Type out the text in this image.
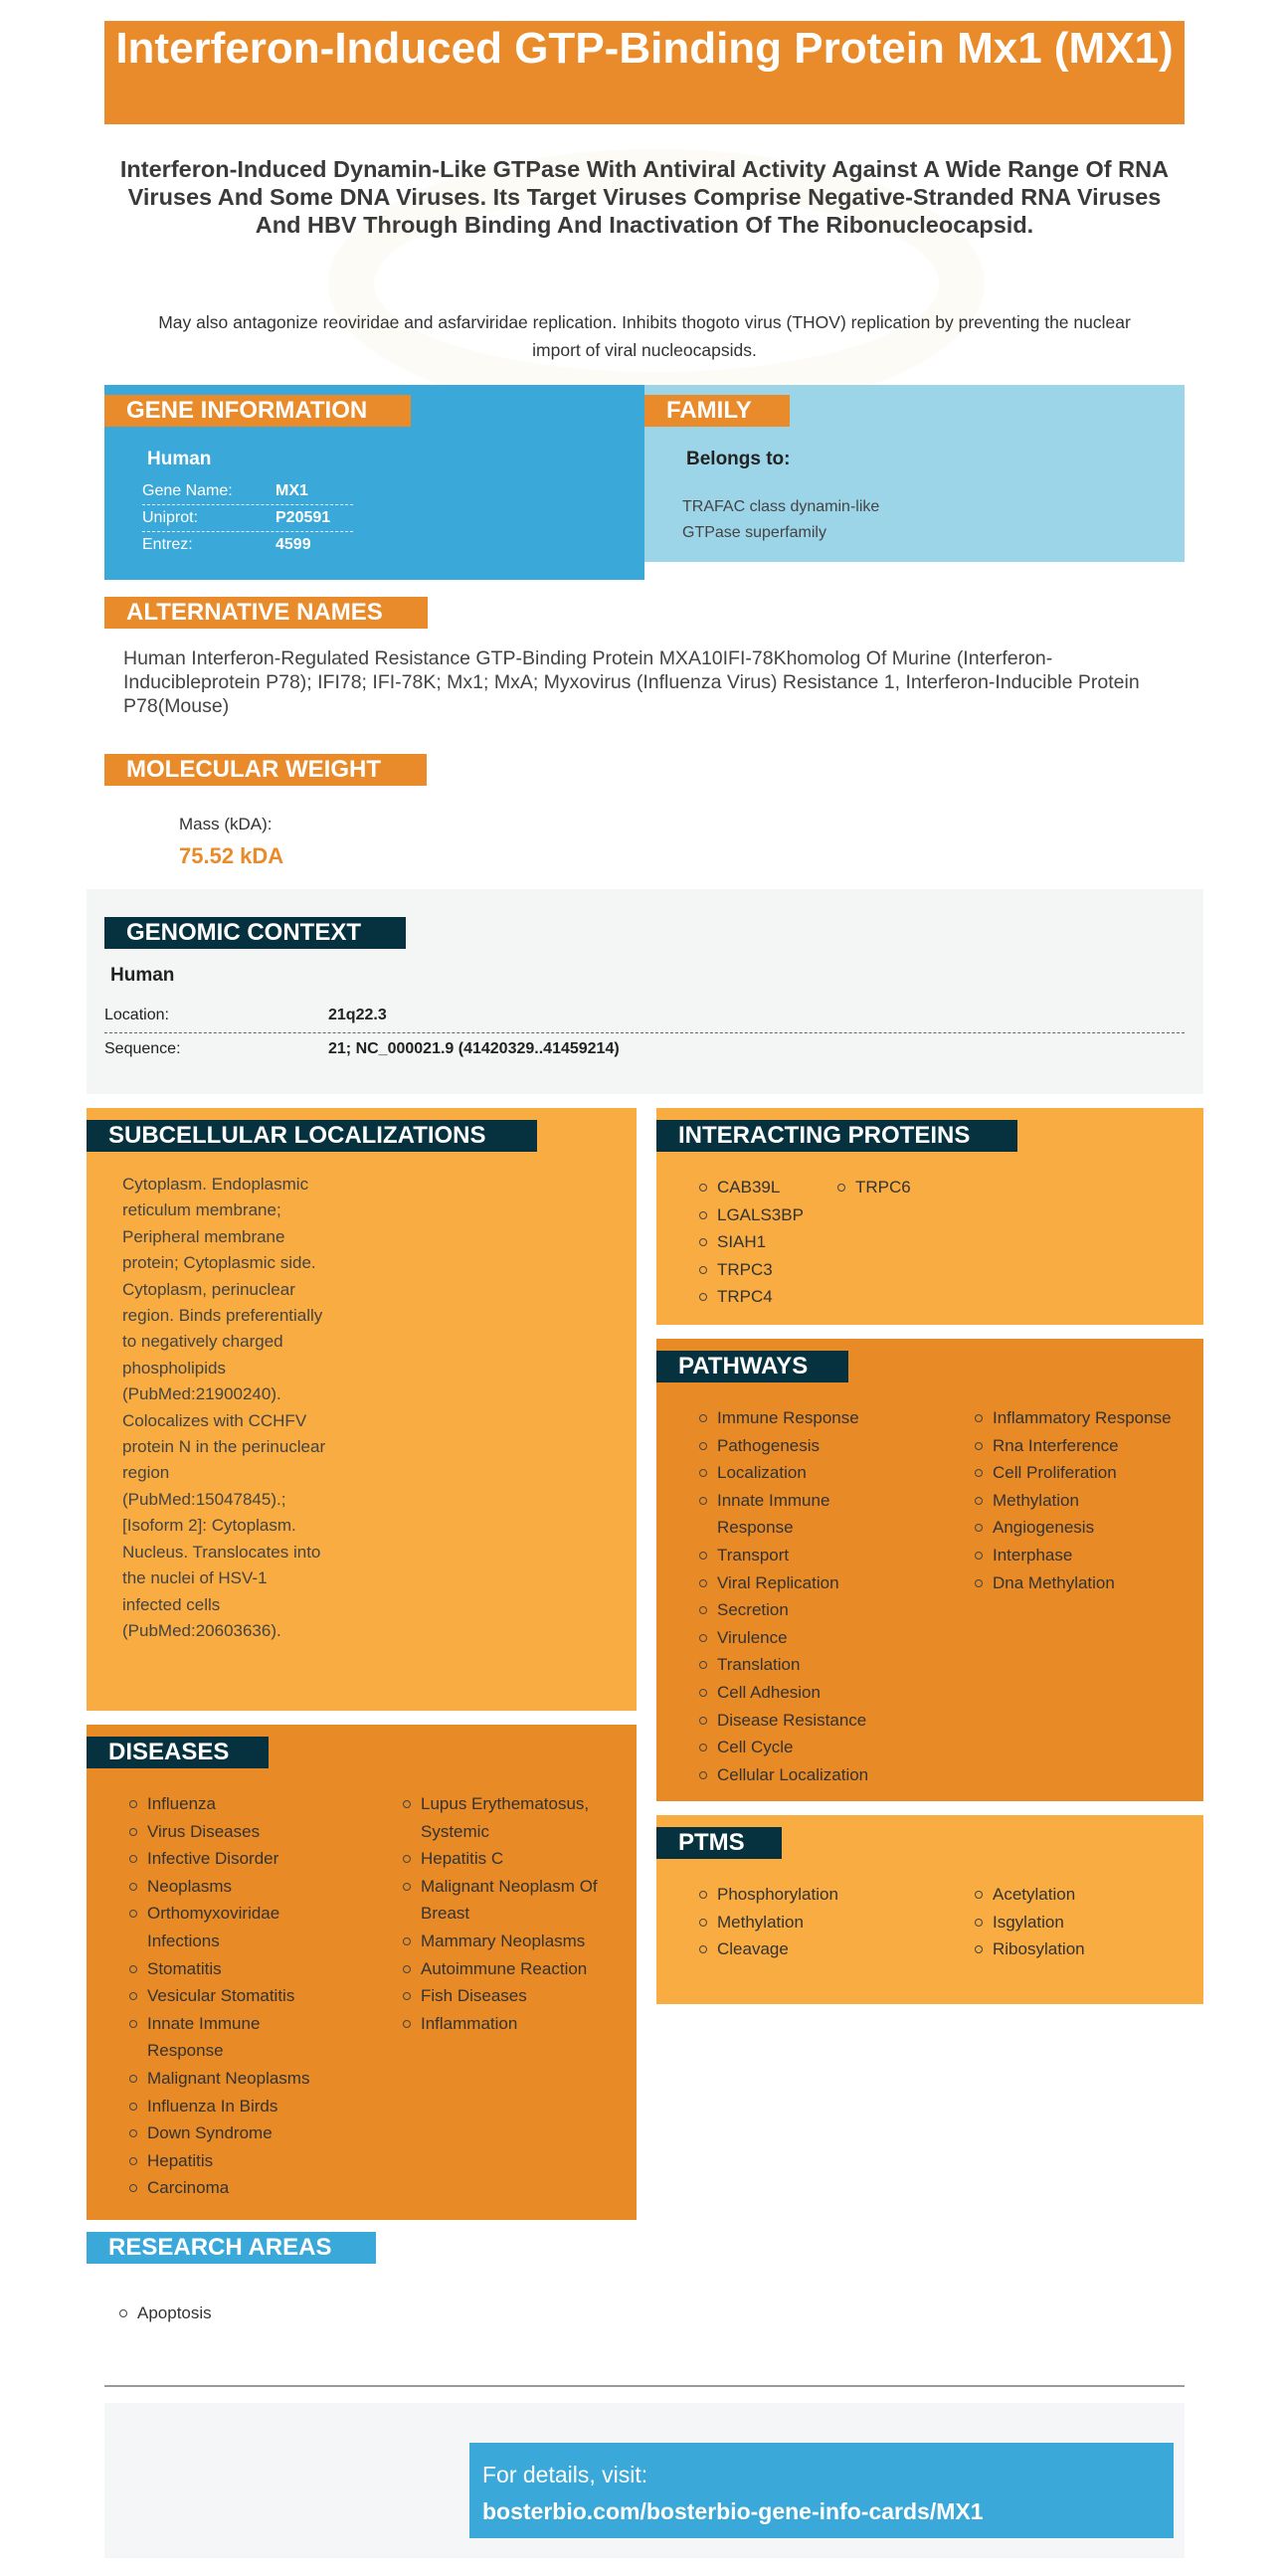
Interferon-Induced GTP-Binding Protein Mx1 (MX1)
Interferon-Induced Dynamin-Like GTPase With Antiviral Activity Against A Wide Range Of RNA Viruses And Some DNA Viruses. Its Target Viruses Comprise Negative-Stranded RNA Viruses And HBV Through Binding And Inactivation Of The Ribonucleocapsid.
May also antagonize reoviridae and asfarviridae replication. Inhibits thogoto virus (THOV) replication by preventing the nuclear import of viral nucleocapsids.
GENE INFORMATION
Human
Gene Name:	MX1
Uniprot:	P20591
Entrez:	4599
FAMILY
Belongs to:
TRAFAC class dynamin-like GTPase superfamily
ALTERNATIVE NAMES
Human Interferon-Regulated Resistance GTP-Binding Protein MXA10IFI-78Khomolog Of Murine (Interferon-Inducibleprotein P78); IFI78; IFI-78K; Mx1; MxA; Myxovirus (Influenza Virus) Resistance 1, Interferon-Inducible Protein P78(Mouse)
MOLECULAR WEIGHT
Mass (kDA):
75.52 kDA
GENOMIC CONTEXT
Human
Location:	21q22.3
Sequence:	21; NC_000021.9 (41420329..41459214)
SUBCELLULAR LOCALIZATIONS
Cytoplasm. Endoplasmic reticulum membrane; Peripheral membrane protein; Cytoplasmic side. Cytoplasm, perinuclear region. Binds preferentially to negatively charged phospholipids (PubMed:21900240). Colocalizes with CCHFV protein N in the perinuclear region (PubMed:15047845).; [Isoform 2]: Cytoplasm. Nucleus. Translocates into the nuclei of HSV-1 infected cells (PubMed:20603636).
INTERACTING PROTEINS
CAB39L
LGALS3BP
SIAH1
TRPC3
TRPC4
TRPC6
PATHWAYS
Immune Response
Pathogenesis
Localization
Innate Immune Response
Transport
Viral Replication
Secretion
Virulence
Translation
Cell Adhesion
Disease Resistance
Cell Cycle
Cellular Localization
Inflammatory Response
Rna Interference
Cell Proliferation
Methylation
Angiogenesis
Interphase
Dna Methylation
DISEASES
Influenza
Virus Diseases
Infective Disorder
Neoplasms
Orthomyxoviridae Infections
Stomatitis
Vesicular Stomatitis
Innate Immune Response
Malignant Neoplasms
Influenza In Birds
Down Syndrome
Hepatitis
Carcinoma
Lupus Erythematosus, Systemic
Hepatitis C
Malignant Neoplasm Of Breast
Mammary Neoplasms
Autoimmune Reaction
Fish Diseases
Inflammation
PTMS
Phosphorylation
Methylation
Cleavage
Acetylation
Isgylation
Ribosylation
RESEARCH AREAS
Apoptosis
For details, visit:
bosterbio.com/bosterbio-gene-info-cards/MX1
